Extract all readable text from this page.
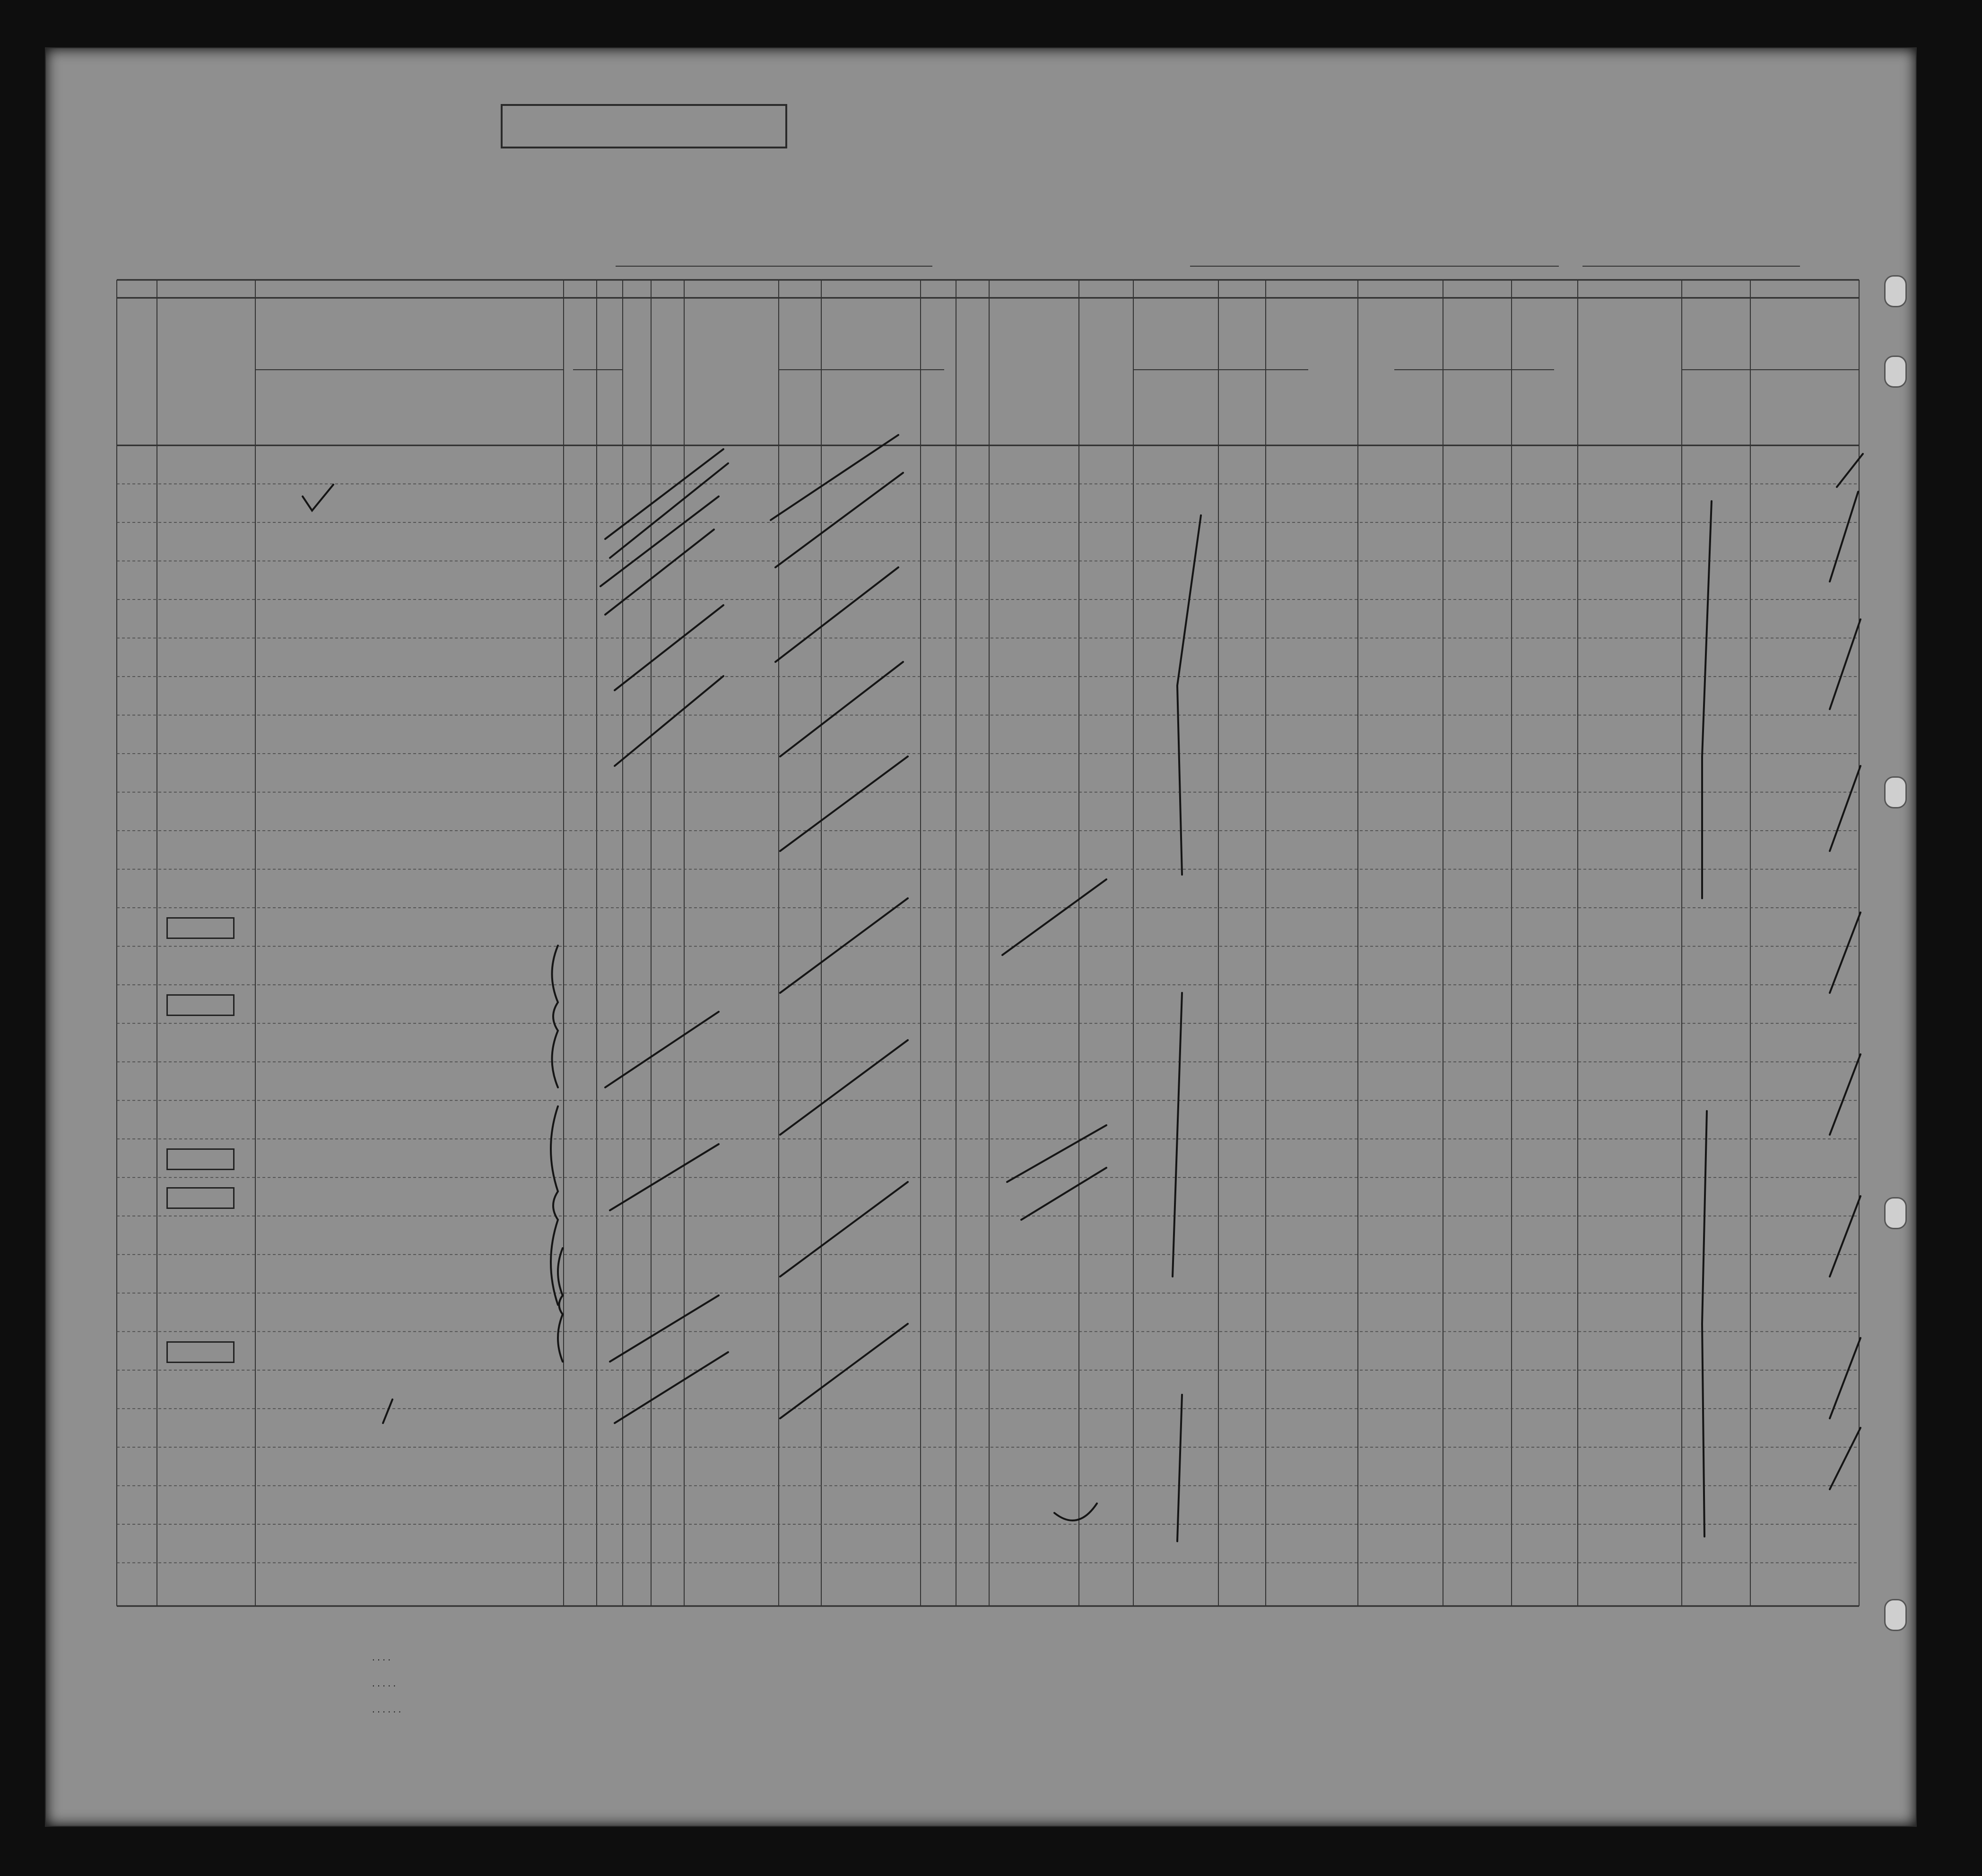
. . . .
. . . . .
. . . . . .
